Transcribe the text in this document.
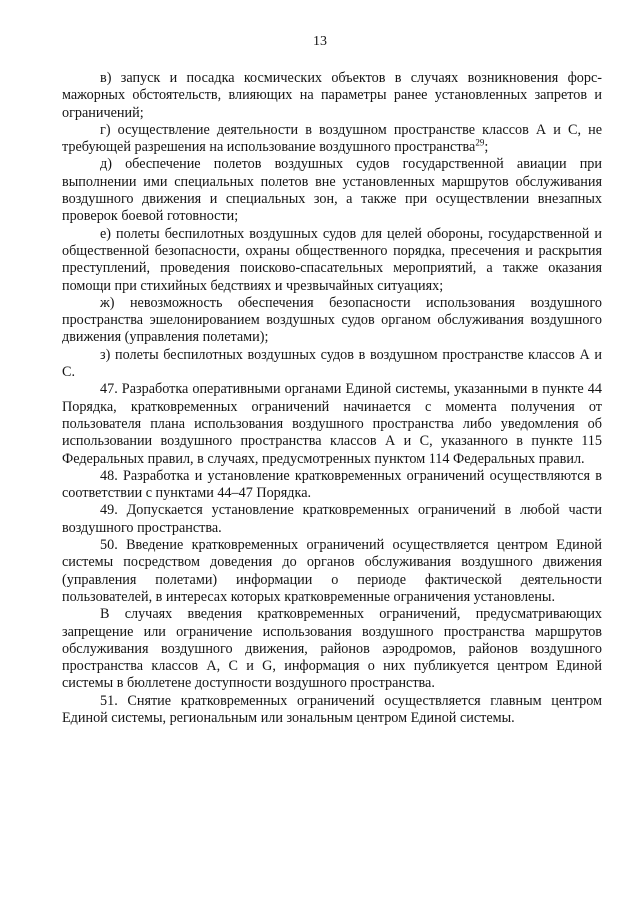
13

в) запуск и посадка космических объектов в случаях возникновения форс-мажорных обстоятельств, влияющих на параметры ранее установленных запретов и ограничений;

г) осуществление деятельности в воздушном пространстве классов А и С, не требующей разрешения на использование воздушного пространства$^{29}$;

д) обеспечение полетов воздушных судов государственной авиации при выполнении ими специальных полетов вне установленных маршрутов обслуживания воздушного движения и специальных зон, а также при осуществлении внезапных проверок боевой готовности;

е) полеты беспилотных воздушных судов для целей обороны, государственной и общественной безопасности, охраны общественного порядка, пресечения и раскрытия преступлений, проведения поисково-спасательных мероприятий, а также оказания помощи при стихийных бедствиях и чрезвычайных ситуациях;

ж) невозможность обеспечения безопасности использования воздушного пространства эшелонированием воздушных судов органом обслуживания воздушного движения (управления полетами);

з) полеты беспилотных воздушных судов в воздушном пространстве классов А и С.

47. Разработка оперативными органами Единой системы, указанными в пункте 44 Порядка, кратковременных ограничений начинается с момента получения от пользователя плана использования воздушного пространства либо уведомления об использовании воздушного пространства классов А и С, указанного в пункте 115 Федеральных правил, в случаях, предусмотренных пунктом 114 Федеральных правил.

48. Разработка и установление кратковременных ограничений осуществляются в соответствии с пунктами 44–47 Порядка.

49. Допускается установление кратковременных ограничений в любой части воздушного пространства.

50. Введение кратковременных ограничений осуществляется центром Единой системы посредством доведения до органов обслуживания воздушного движения (управления полетами) информации о периоде фактической деятельности пользователей, в интересах которых кратковременные ограничения установлены.

В случаях введения кратковременных ограничений, предусматривающих запрещение или ограничение использования воздушного пространства маршрутов обслуживания воздушного движения, районов аэродромов, районов воздушного пространства классов А, С и G, информация о них публикуется центром Единой системы в бюллетене доступности воздушного пространства.

51. Снятие кратковременных ограничений осуществляется главным центром Единой системы, региональным или зональным центром Единой системы.
